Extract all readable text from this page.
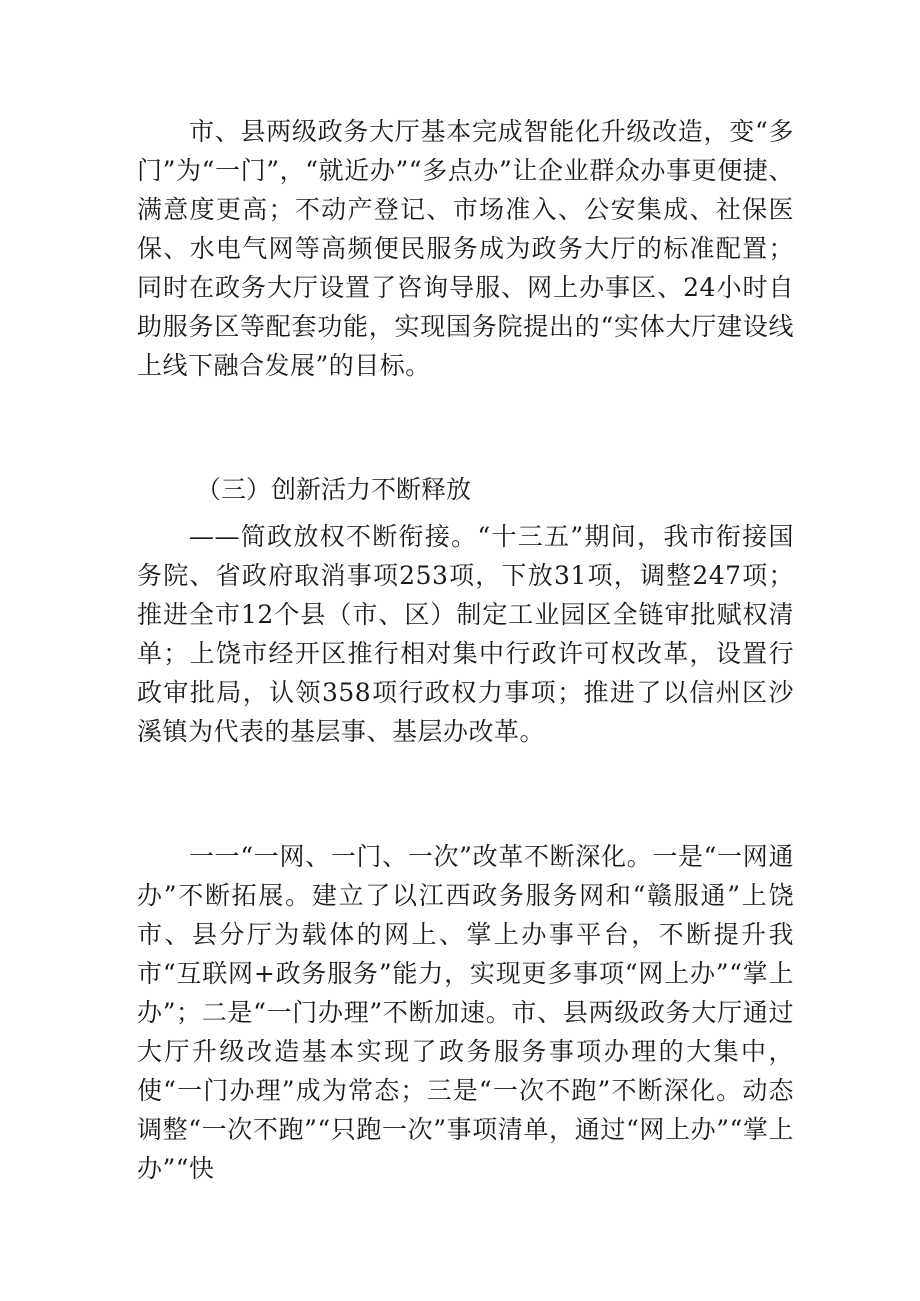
市、县两级政务大厅基本完成智能化升级改造，变“多门”为“一门”，“就近办”“多点办”让企业群众办事更便捷、满意度更高；不动产登记、市场准入、公安集成、社保医保、水电气网等高频便民服务成为政务大厅的标准配置；同时在政务大厅设置了咨询导服、网上办事区、24小时自助服务区等配套功能，实现国务院提出的“实体大厅建设线上线下融合发展”的目标。

（三）创新活力不断释放

——简政放权不断衔接。“十三五”期间，我市衔接国务院、省政府取消事项253项，下放31项，调整247项；推进全市12个县（市、区）制定工业园区全链审批赋权清单；上饶市经开区推行相对集中行政许可权改革，设置行政审批局，认领358项行政权力事项；推进了以信州区沙溪镇为代表的基层事、基层办改革。

一一“一网、一门、一次”改革不断深化。一是“一网通办”不断拓展。建立了以江西政务服务网和“赣服通”上饶市、县分厅为载体的网上、掌上办事平台，不断提升我市“互联网+政务服务”能力，实现更多事项“网上办”“掌上办”；二是“一门办理”不断加速。市、县两级政务大厅通过大厅升级改造基本实现了政务服务事项办理的大集中，使“一门办理”成为常态；三是“一次不跑”不断深化。动态调整“一次不跑”“只跑一次”事项清单，通过“网上办”“掌上办”“快
